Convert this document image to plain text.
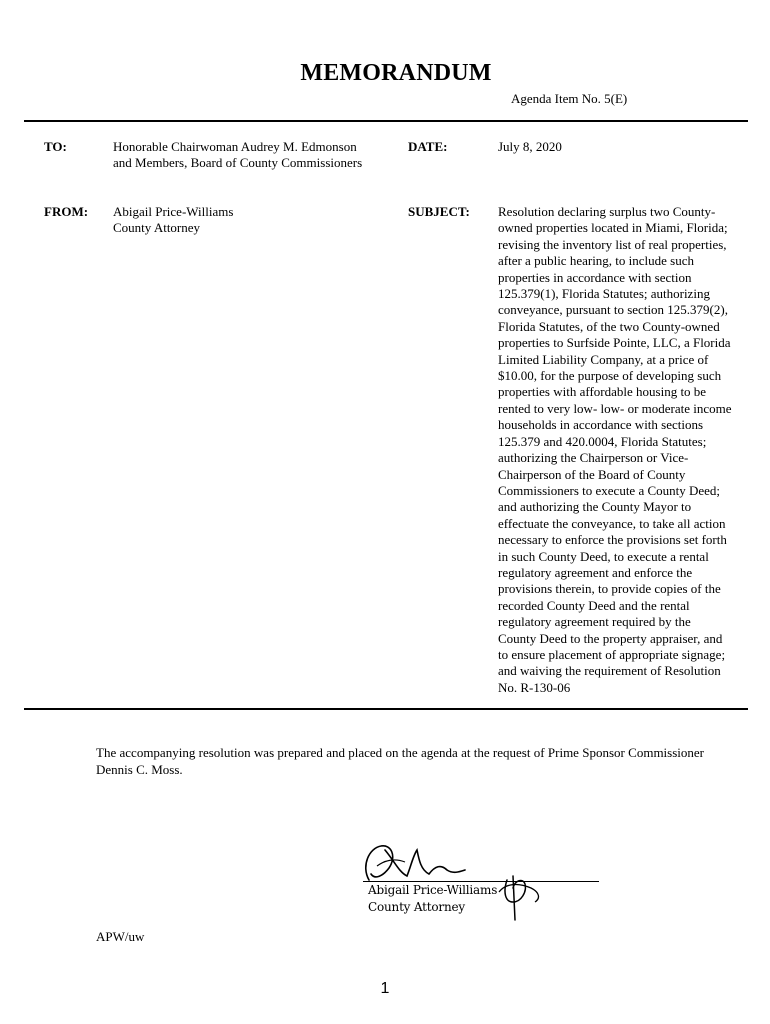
MEMORANDUM
Agenda Item No. 5(E)
TO:	Honorable Chairwoman Audrey M. Edmonson
and Members, Board of County Commissioners
DATE:	July 8, 2020
FROM: Abigail Price-Williams
County Attorney
SUBJECT: Resolution declaring surplus two County-
owned properties located in Miami, Florida;
revising the inventory list of real properties,
after a public hearing, to include such
properties in accordance with section
125.379(1), Florida Statutes; authorizing
conveyance, pursuant to section 125.379(2),
Florida Statutes, of the two County-owned
properties to Surfside Pointe, LLC, a Florida
Limited Liability Company, at a price of
$10.00, for the purpose of developing such
properties with affordable housing to be
rented to very low- low- or moderate income
households in accordance with sections
125.379 and 420.0004, Florida Statutes;
authorizing the Chairperson or Vice-
Chairperson of the Board of County
Commissioners to execute a County Deed;
and authorizing the County Mayor to
effectuate the conveyance, to take all action
necessary to enforce the provisions set forth
in such County Deed, to execute a rental
regulatory agreement and enforce the
provisions therein, to provide copies of the
recorded County Deed and the rental
regulatory agreement required by the
County Deed to the property appraiser, and
to ensure placement of appropriate signage;
and waiving the requirement of Resolution
No. R-130-06
The accompanying resolution was prepared and placed on the agenda at the request of Prime Sponsor Commissioner Dennis C. Moss.
Abigail Price-Williams
County Attorney
APW/uw
1
